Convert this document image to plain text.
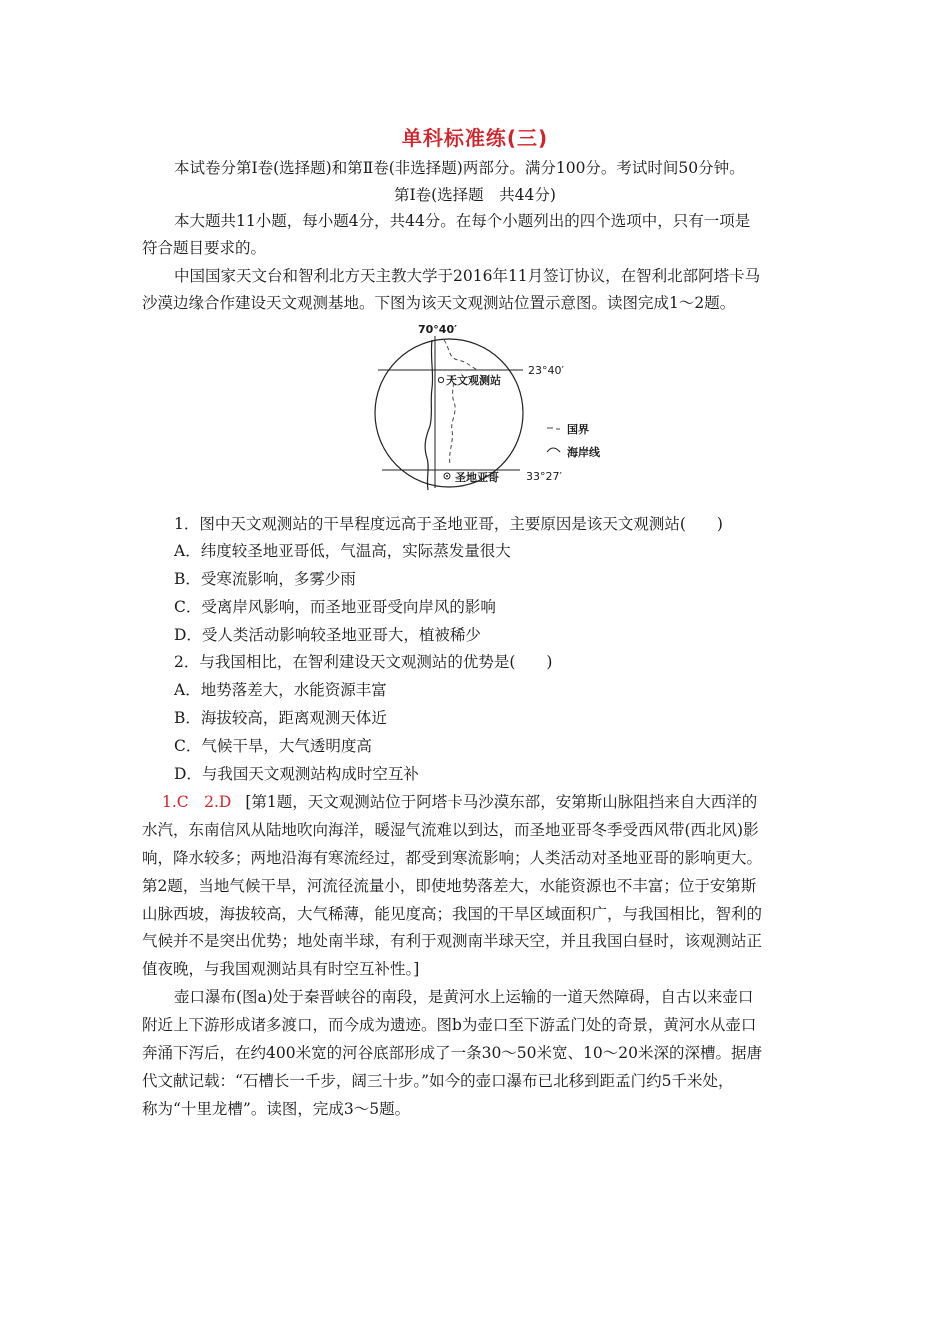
单科标准练(三)
本试卷分第Ⅰ卷(选择题)和第Ⅱ卷(非选择题)两部分。满分100分。考试时间50分钟。
第Ⅰ卷(选择题　共44分)
本大题共11小题，每小题4分，共44分。在每个小题列出的四个选项中，只有一项是
符合题目要求的。
中国国家天文台和智利北方天主教大学于2016年11月签订协议，在智利北部阿塔卡马
沙漠边缘合作建设天文观测基地。下图为该天文观测站位置示意图。读图完成1～2题。
70°40′
天文观测站
圣地亚哥
23°40′
33°27′
国界
海岸线
1．图中天文观测站的干旱程度远高于圣地亚哥，主要原因是该天文观测站(　　)
A．纬度较圣地亚哥低，气温高，实际蒸发量很大
B．受寒流影响，多雾少雨
C．受离岸风影响，而圣地亚哥受向岸风的影响
D．受人类活动影响较圣地亚哥大，植被稀少
2．与我国相比，在智利建设天文观测站的优势是(　　)
A．地势落差大，水能资源丰富
B．海拔较高，距离观测天体近
C．气候干旱，大气透明度高
D．与我国天文观测站构成时空互补
1.C　2.D [第1题，天文观测站位于阿塔卡马沙漠东部，安第斯山脉阻挡来自大西洋的
水汽，东南信风从陆地吹向海洋，暖湿气流难以到达，而圣地亚哥冬季受西风带(西北风)影
响，降水较多；两地沿海有寒流经过，都受到寒流影响；人类活动对圣地亚哥的影响更大。
第2题，当地气候干旱，河流径流量小，即使地势落差大，水能资源也不丰富；位于安第斯
山脉西坡，海拔较高，大气稀薄，能见度高；我国的干旱区域面积广，与我国相比，智利的
气候并不是突出优势；地处南半球，有利于观测南半球天空，并且我国白昼时，该观测站正
值夜晚，与我国观测站具有时空互补性。]
壶口瀑布(图a)处于秦晋峡谷的南段，是黄河水上运输的一道天然障碍，自古以来壶口
附近上下游形成诸多渡口，而今成为遗迹。图b为壶口至下游孟门处的奇景，黄河水从壶口
奔涌下泻后，在约400米宽的河谷底部形成了一条30～50米宽、10～20米深的深槽。据唐
代文献记载：“石槽长一千步，阔三十步。”如今的壶口瀑布已北移到距孟门约5千米处，
称为“十里龙槽”。读图，完成3～5题。
